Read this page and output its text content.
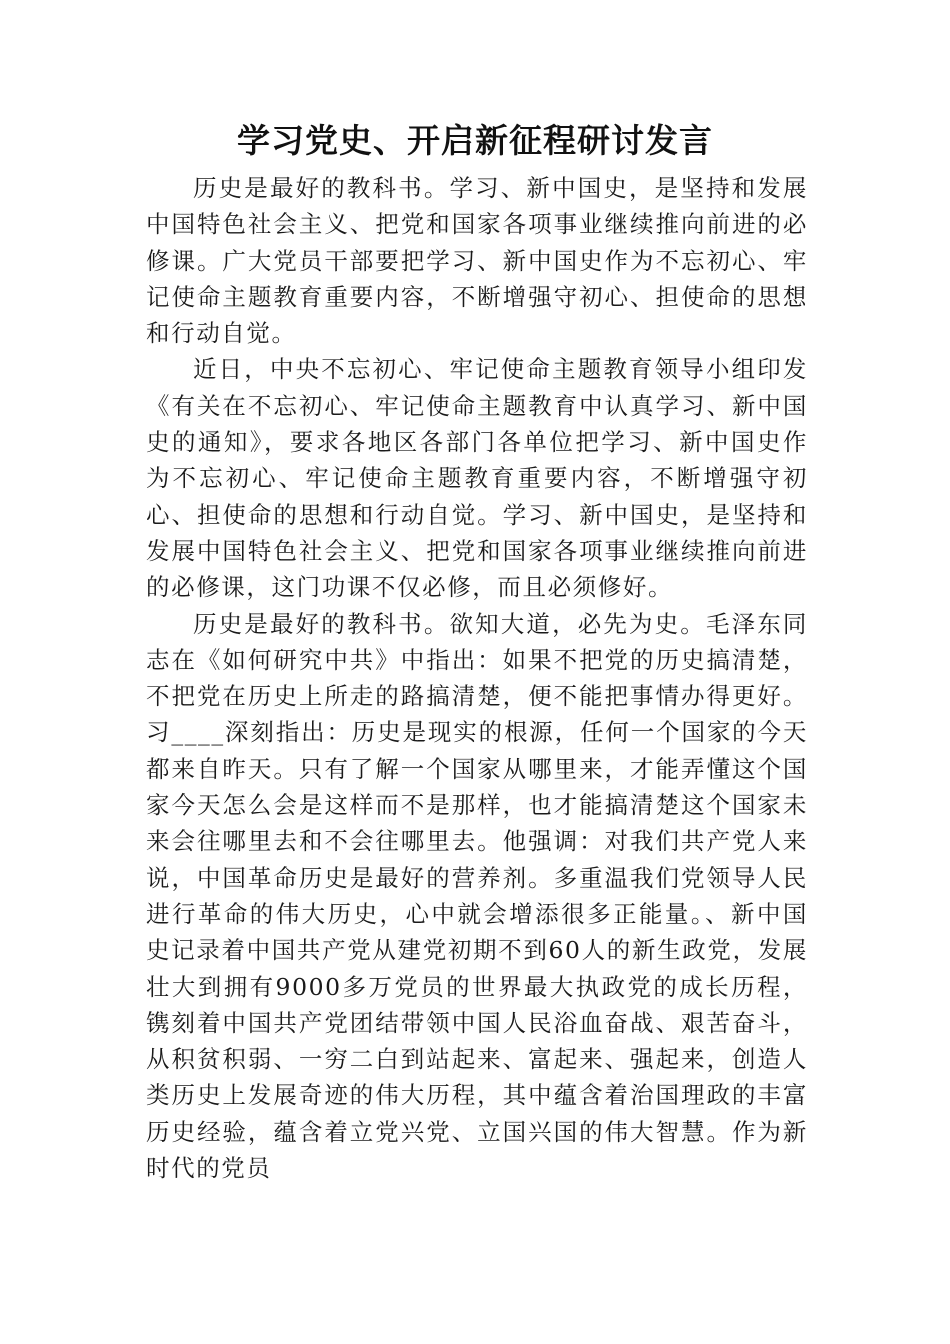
学习党史、开启新征程研讨发言

历史是最好的教科书。学习、新中国史，是坚持和发展中国特色社会主义、把党和国家各项事业继续推向前进的必修课。广大党员干部要把学习、新中国史作为不忘初心、牢记使命主题教育重要内容，不断增强守初心、担使命的思想和行动自觉。

近日，中央不忘初心、牢记使命主题教育领导小组印发《有关在不忘初心、牢记使命主题教育中认真学习、新中国史的通知》，要求各地区各部门各单位把学习、新中国史作为不忘初心、牢记使命主题教育重要内容，不断增强守初心、担使命的思想和行动自觉。学习、新中国史，是坚持和发展中国特色社会主义、把党和国家各项事业继续推向前进的必修课，这门功课不仅必修，而且必须修好。

历史是最好的教科书。欲知大道，必先为史。毛泽东同志在《如何研究中共》中指出：如果不把党的历史搞清楚，不把党在历史上所走的路搞清楚，便不能把事情办得更好。习____深刻指出：历史是现实的根源，任何一个国家的今天都来自昨天。只有了解一个国家从哪里来，才能弄懂这个国家今天怎么会是这样而不是那样，也才能搞清楚这个国家未来会往哪里去和不会往哪里去。他强调：对我们共产党人来说，中国革命历史是最好的营养剂。多重温我们党领导人民进行革命的伟大历史，心中就会增添很多正能量。、新中国史记录着中国共产党从建党初期不到60人的新生政党，发展壮大到拥有9000多万党员的世界最大执政党的成长历程，镌刻着中国共产党团结带领中国人民浴血奋战、艰苦奋斗，从积贫积弱、一穷二白到站起来、富起来、强起来，创造人类历史上发展奇迹的伟大历程，其中蕴含着治国理政的丰富历史经验，蕴含着立党兴党、立国兴国的伟大智慧。作为新时代的党员
